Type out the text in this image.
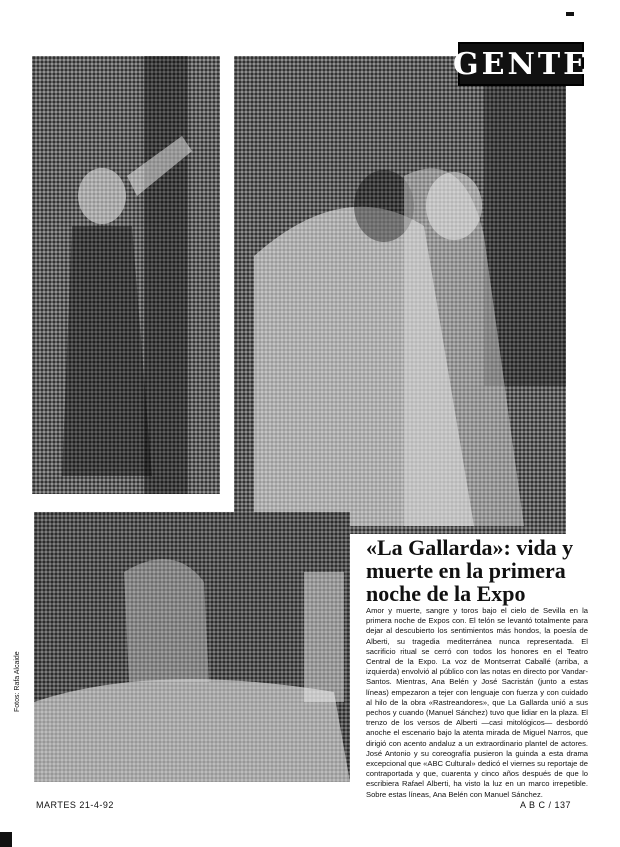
GENTE
Fotos: Rafa Alcaide
«La Gallarda»: vida y muerte en la primera noche de la Expo

Amor y muerte, sangre y toros bajo el cielo de Sevilla en la primera noche de Expos con. El telón se levantó totalmente para dejar al descubierto los sentimientos más hondos, la poesía de Alberti, su tragedia mediterránea nunca representada. El sacrificio ritual se cerró con todos los honores en el Teatro Central de la Expo. La voz de Montserrat Caballé (arriba, a izquierda) envolvió al público con las notas en directo por Vandar-Santos. Mientras, Ana Belén y José Sacristán (junto a estas líneas) empezaron a tejer con lenguaje con fuerza y con cuidado al hilo de la obra «Rastreandores», que La Gallarda unió a sus pechos y cuando (Manuel Sánchez) tuvo que lidiar en la plaza. El trenzo de los versos de Alberti —casi mitológicos— desbordó anoche el escenario bajo la atenta mirada de Miguel Narros, que dirigió con acento andaluz a un extraordinario plantel de actores. José Antonio y su coreografía pusieron la guinda a esta drama excepcional que «ABC Cultural» dedicó el viernes su reportaje de contraportada y que, cuarenta y cinco años después de que lo escribiera Rafael Alberti, ha visto la luz en un marco irrepetible. Sobre estas líneas, Ana Belén con Manuel Sánchez.

MARTES 21-4-92	A B C / 137
